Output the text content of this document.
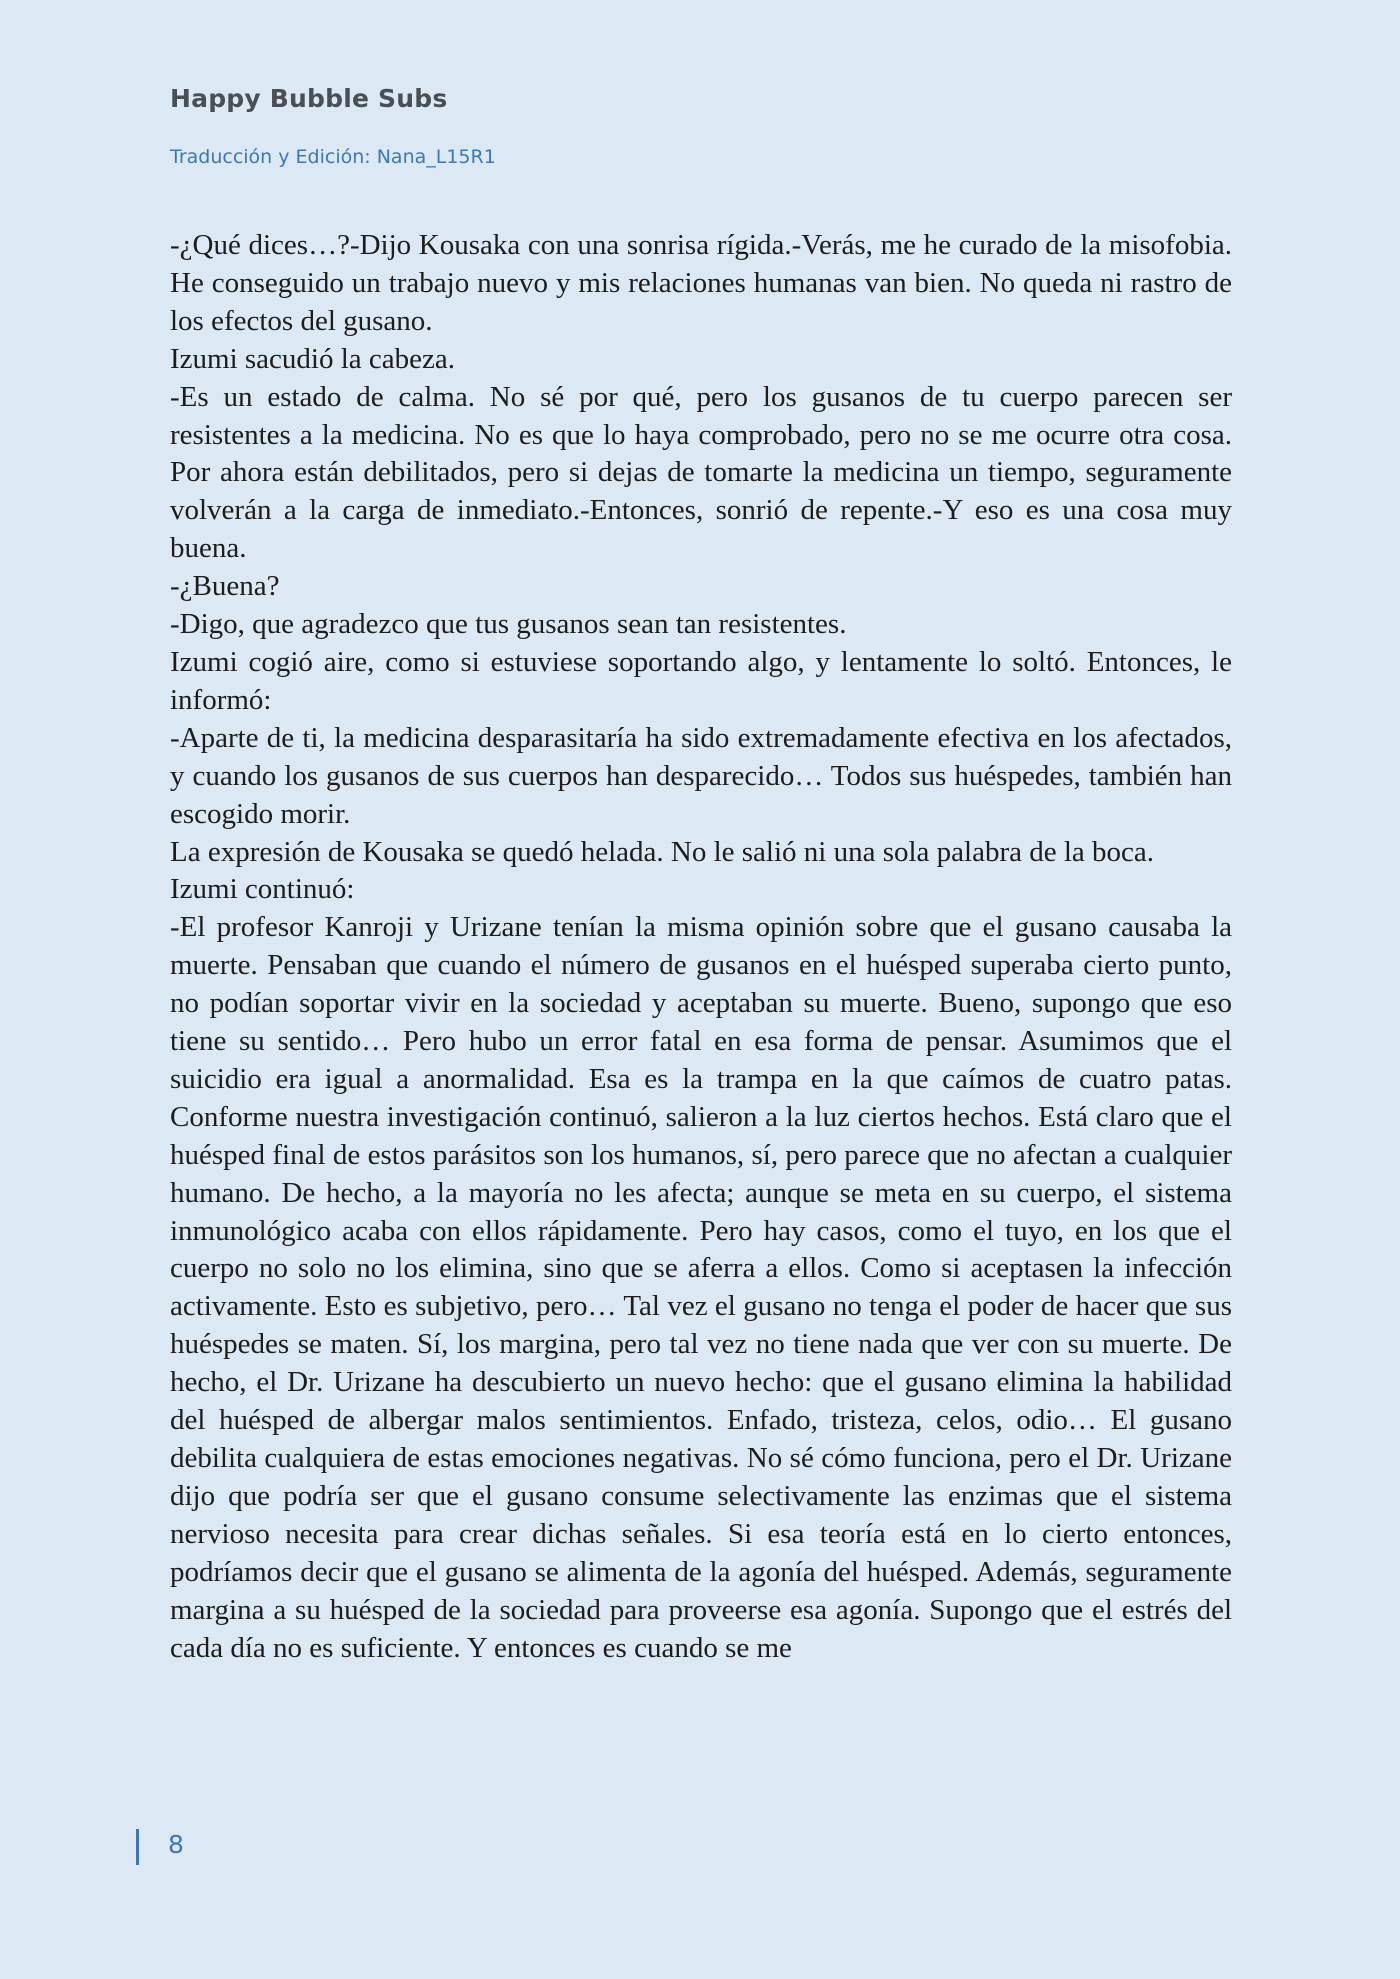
Happy Bubble Subs
Traducción y Edición: Nana_L15R1

-¿Qué dices…?-Dijo Kousaka con una sonrisa rígida.-Verás, me he curado de la misofobia. He conseguido un trabajo nuevo y mis relaciones humanas van bien. No queda ni rastro de los efectos del gusano.

Izumi sacudió la cabeza.

-Es un estado de calma. No sé por qué, pero los gusanos de tu cuerpo parecen ser resistentes a la medicina. No es que lo haya comprobado, pero no se me ocurre otra cosa. Por ahora están debilitados, pero si dejas de tomarte la medicina un tiempo, seguramente volverán a la carga de inmediato.-Entonces, sonrió de repente.-Y eso es una cosa muy buena.

-¿Buena?

-Digo, que agradezco que tus gusanos sean tan resistentes.

Izumi cogió aire, como si estuviese soportando algo, y lentamente lo soltó. Entonces, le informó:

-Aparte de ti, la medicina desparasitaría ha sido extremadamente efectiva en los afectados, y cuando los gusanos de sus cuerpos han desparecido… Todos sus huéspedes, también han escogido morir.

La expresión de Kousaka se quedó helada. No le salió ni una sola palabra de la boca.

Izumi continuó:

-El profesor Kanroji y Urizane tenían la misma opinión sobre que el gusano causaba la muerte. Pensaban que cuando el número de gusanos en el huésped superaba cierto punto, no podían soportar vivir en la sociedad y aceptaban su muerte. Bueno, supongo que eso tiene su sentido… Pero hubo un error fatal en esa forma de pensar. Asumimos que el suicidio era igual a anormalidad. Esa es la trampa en la que caímos de cuatro patas. Conforme nuestra investigación continuó, salieron a la luz ciertos hechos. Está claro que el huésped final de estos parásitos son los humanos, sí, pero parece que no afectan a cualquier humano. De hecho, a la mayoría no les afecta; aunque se meta en su cuerpo, el sistema inmunológico acaba con ellos rápidamente. Pero hay casos, como el tuyo, en los que el cuerpo no solo no los elimina, sino que se aferra a ellos. Como si aceptasen la infección activamente. Esto es subjetivo, pero… Tal vez el gusano no tenga el poder de hacer que sus huéspedes se maten. Sí, los margina, pero tal vez no tiene nada que ver con su muerte. De hecho, el Dr. Urizane ha descubierto un nuevo hecho: que el gusano elimina la habilidad del huésped de albergar malos sentimientos. Enfado, tristeza, celos, odio… El gusano debilita cualquiera de estas emociones negativas. No sé cómo funciona, pero el Dr. Urizane dijo que podría ser que el gusano consume selectivamente las enzimas que el sistema nervioso necesita para crear dichas señales. Si esa teoría está en lo cierto entonces, podríamos decir que el gusano se alimenta de la agonía del huésped. Además, seguramente margina a su huésped de la sociedad para proveerse esa agonía. Supongo que el estrés del cada día no es suficiente. Y entonces es cuando se me

8
